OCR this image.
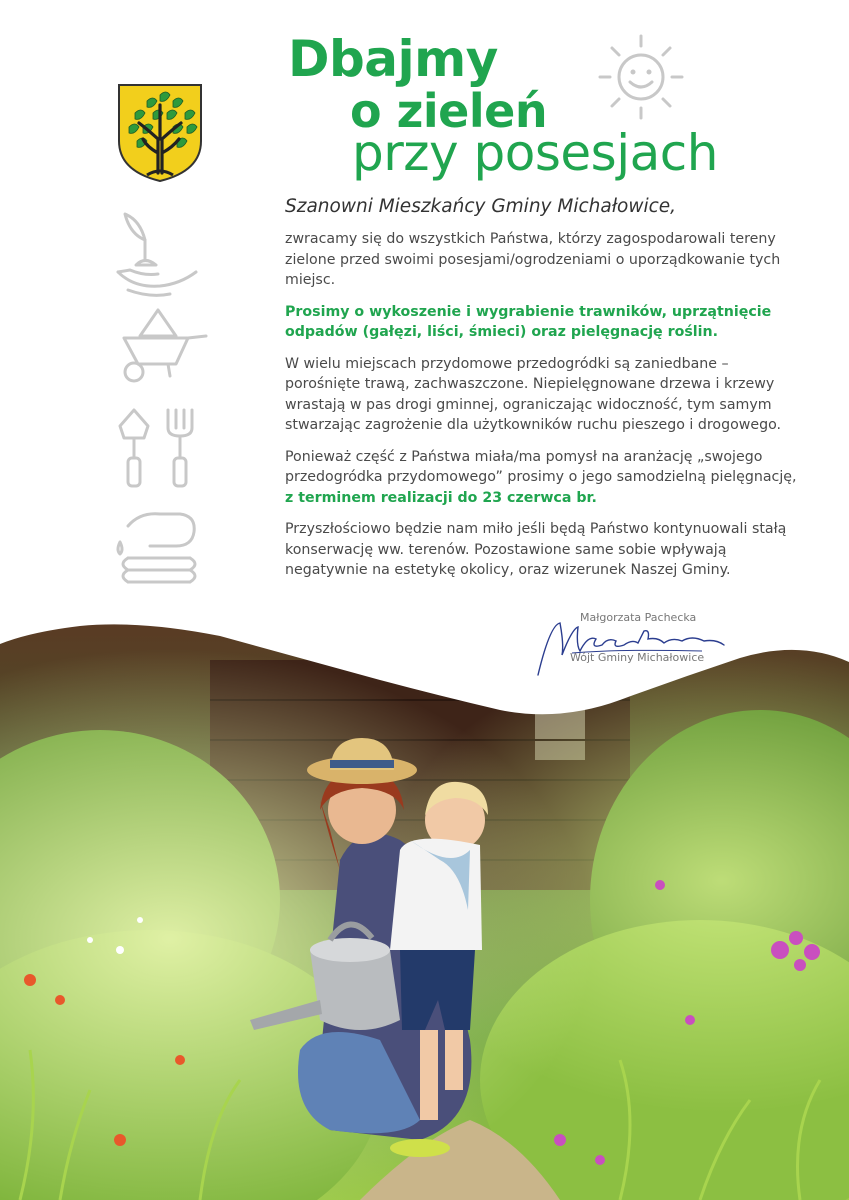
Dbajmy
o zieleń
przy posesjach

Szanowni Mieszkańcy Gminy Michałowice,

zwracamy się do wszystkich Państwa, którzy zagospodarowali tereny zielone przed swoimi posesjami/ogrodzeniami o uporządkowanie tych miejsc.

Prosimy o wykoszenie i wygrabienie trawników, uprzątnięcie odpadów (gałęzi, liści, śmieci) oraz pielęgnację roślin.

W wielu miejscach przydomowe przedogródki są zaniedbane – porośnięte trawą, zachwaszczone. Niepielęgnowane drzewa i krzewy wrastają w pas drogi gminnej, ograniczając widoczność, tym samym stwarzając zagrożenie dla użytkowników ruchu pieszego i drogowego.

Ponieważ część z Państwa miała/ma pomysł na aranżację „swojego przedogródka przydomowego” prosimy o jego samodzielną pielęgnację, z terminem realizacji do 23 czerwca br.

Przyszłościowo będzie nam miło jeśli będą Państwo kontynuowali stałą konserwację ww. terenów. Pozostawione same sobie wpływają negatywnie na estetykę okolicy, oraz wizerunek Naszej Gminy.

Małgorzata Pachecka
Wójt Gminy Michałowice
